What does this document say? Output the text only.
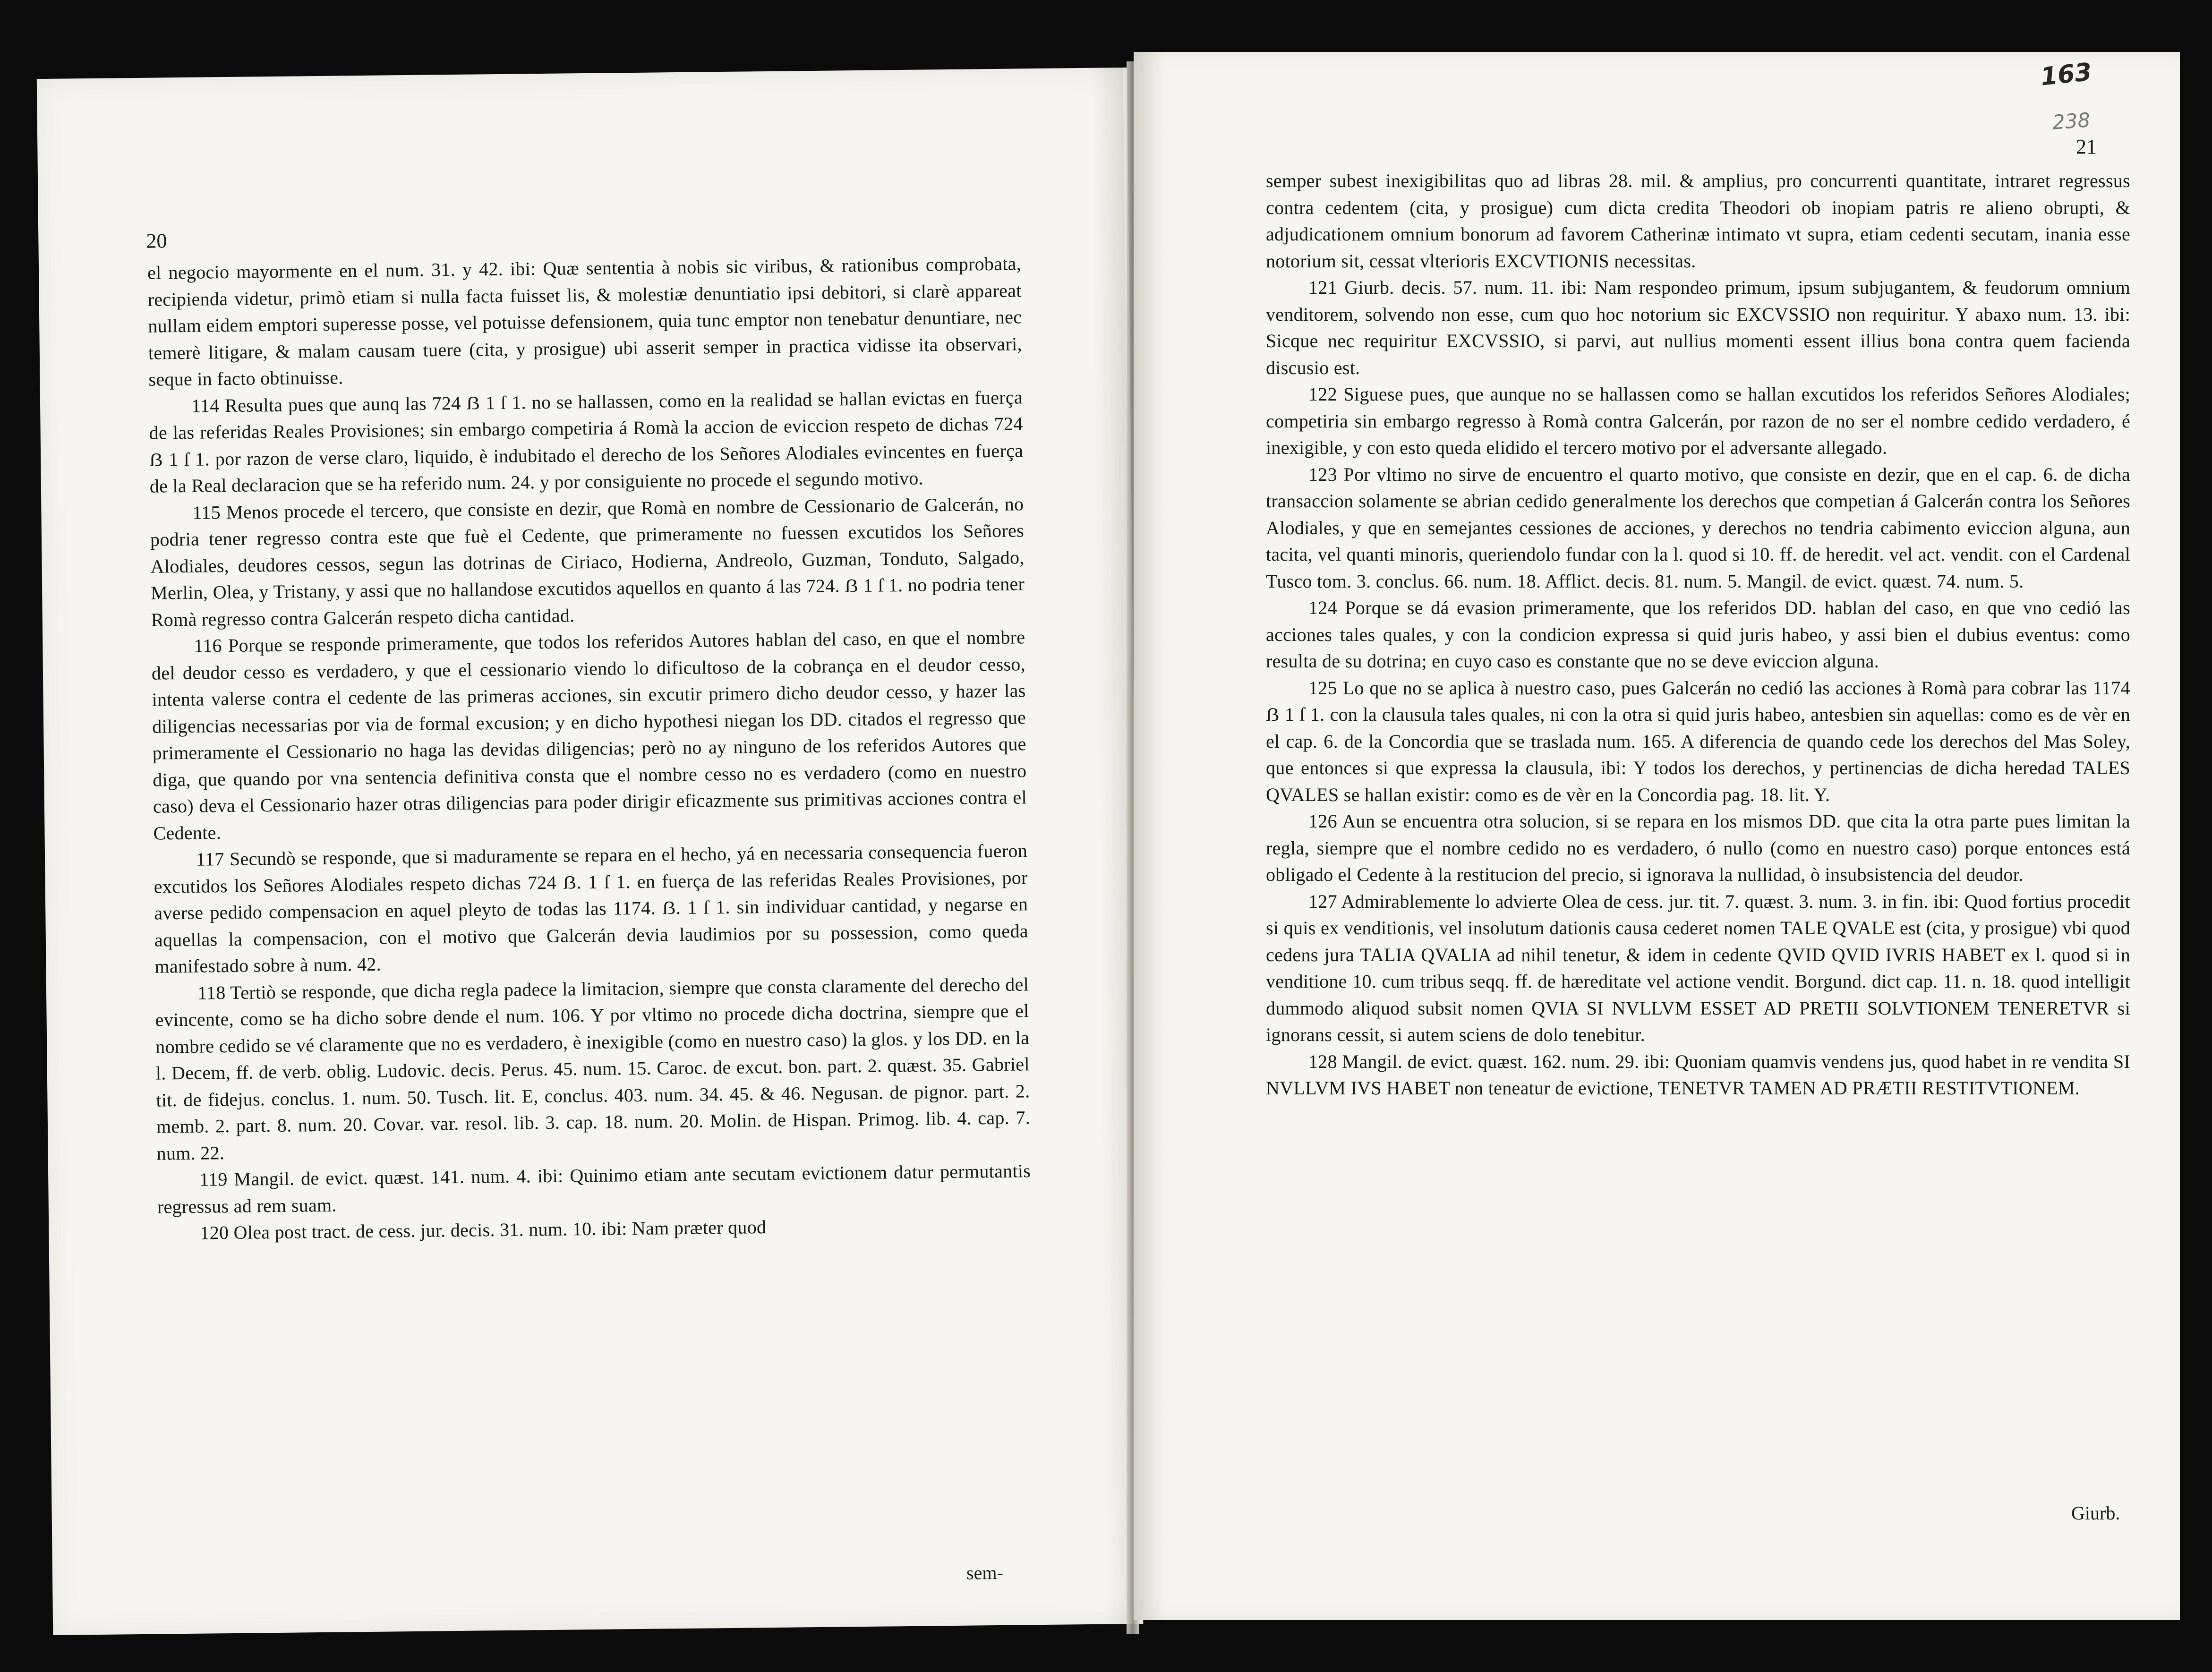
20

el negocio mayormente en el num. 31. y 42. ibi: Quæ sententia à nobis sic viribus, & rationibus comprobata, recipienda videtur, primò etiam si nulla facta fuisset lis, & molestiæ denuntiatio ipsi debitori, si clarè appareat nullam eidem emptori superesse posse, vel potuisse defensionem, quia tunc emptor non tenebatur denuntiare, nec temerè litigare, & malam causam tuere (cita, y prosigue) ubi asserit semper in practica vidisse ita observari, seque in facto obtinuisse.

114 Resulta pues que aunq las 724 ẞ 1 ſ 1. no se hallassen, como en la realidad se hallan evictas en fuerça de las referidas Reales Provisiones; sin embargo competiria á Romà la accion de eviccion respeto de dichas 724 ẞ 1 ſ 1. por razon de verse claro, liquido, è indubitado el derecho de los Señores Alodiales evincentes en fuerça de la Real declaracion que se ha referido num. 24. y por consiguiente no procede el segundo motivo.

115 Menos procede el tercero, que consiste en dezir, que Romà en nombre de Cessionario de Galcerán, no podria tener regresso contra este que fuè el Cedente, que primeramente no fuessen excutidos los Señores Alodiales, deudores cessos, segun las dotrinas de Ciriaco, Hodierna, Andreolo, Guzman, Tonduto, Salgado, Merlin, Olea, y Tristany, y assi que no hallandose excutidos aquellos en quanto á las 724. ẞ 1 ſ 1. no podria tener Romà regresso contra Galcerán respeto dicha cantidad.

116 Porque se responde primeramente, que todos los referidos Autores hablan del caso, en que el nombre del deudor cesso es verdadero, y que el cessionario viendo lo dificultoso de la cobrança en el deudor cesso, intenta valerse contra el cedente de las primeras acciones, sin excutir primero dicho deudor cesso, y hazer las diligencias necessarias por via de formal excusion; y en dicho hypothesi niegan los DD. citados el regresso que primeramente el Cessionario no haga las devidas diligencias; però no ay ninguno de los referidos Autores que diga, que quando por vna sentencia definitiva consta que el nombre cesso no es verdadero (como en nuestro caso) deva el Cessionario hazer otras diligencias para poder dirigir eficazmente sus primitivas acciones contra el Cedente.

117 Secundò se responde, que si maduramente se repara en el hecho, yá en necessaria consequencia fueron excutidos los Señores Alodiales respeto dichas 724 ẞ. 1 ſ 1. en fuerça de las referidas Reales Provisiones, por averse pedido compensacion en aquel pleyto de todas las 1174. ẞ. 1 ſ 1. sin individuar cantidad, y negarse en aquellas la compensacion, con el motivo que Galcerán devia laudimios por su possession, como queda manifestado sobre à num. 42.

118 Tertiò se responde, que dicha regla padece la limitacion, siempre que consta claramente del derecho del evincente, como se ha dicho sobre dende el num. 106. Y por vltimo no procede dicha doctrina, siempre que el nombre cedido se vé claramente que no es verdadero, è inexigible (como en nuestro caso) la glos. y los DD. en la l. Decem, ff. de verb. oblig. Ludovic. decis. Perus. 45. num. 15. Caroc. de excut. bon. part. 2. quæst. 35. Gabriel tit. de fidejus. conclus. 1. num. 50. Tusch. lit. E, conclus. 403. num. 34. 45. & 46. Negusan. de pignor. part. 2. memb. 2. part. 8. num. 20. Covar. var. resol. lib. 3. cap. 18. num. 20. Molin. de Hispan. Primog. lib. 4. cap. 7. num. 22.

119 Mangil. de evict. quæst. 141. num. 4. ibi: Quinimo etiam ante secutam evictionem datur permutantis regressus ad rem suam.

120 Olea post tract. de cess. jur. decis. 31. num. 10. ibi: Nam præter quod

sem-
21

semper subest inexigibilitas quo ad libras 28. mil. & amplius, pro concurrenti quantitate, intraret regressus contra cedentem (cita, y prosigue) cum dicta credita Theodori ob inopiam patris re alieno obrupti, & adjudicationem omnium bonorum ad favorem Catherinæ intimato vt supra, etiam cedenti secutam, inania esse notorium sit, cessat vlterioris EXCVTIONIS necessitas.

121 Giurb. decis. 57. num. 11. ibi: Nam respondeo primum, ipsum subjugantem, & feudorum omnium venditorem, solvendo non esse, cum quo hoc notorium sic EXCVSSIO non requiritur. Y abaxo num. 13. ibi: Sicque nec requiritur EXCVSSIO, si parvi, aut nullius momenti essent illius bona contra quem facienda discusio est.

122 Siguese pues, que aunque no se hallassen como se hallan excutidos los referidos Señores Alodiales; competiria sin embargo regresso à Romà contra Galcerán, por razon de no ser el nombre cedido verdadero, é inexigible, y con esto queda elidido el tercero motivo por el adversante allegado.

123 Por vltimo no sirve de encuentro el quarto motivo, que consiste en dezir, que en el cap. 6. de dicha transaccion solamente se abrian cedido generalmente los derechos que competian á Galcerán contra los Señores Alodiales, y que en semejantes cessiones de acciones, y derechos no tendria cabimento eviccion alguna, aun tacita, vel quanti minoris, queriendolo fundar con la l. quod si 10. ff. de heredit. vel act. vendit. con el Cardenal Tusco tom. 3. conclus. 66. num. 18. Afflict. decis. 81. num. 5. Mangil. de evict. quæst. 74. num. 5.

124 Porque se dá evasion primeramente, que los referidos DD. hablan del caso, en que vno cedió las acciones tales quales, y con la condicion expressa si quid juris habeo, y assi bien el dubius eventus: como resulta de su dotrina; en cuyo caso es constante que no se deve eviccion alguna.

125 Lo que no se aplica à nuestro caso, pues Galcerán no cedió las acciones à Romà para cobrar las 1174 ẞ 1 ſ 1. con la clausula tales quales, ni con la otra si quid juris habeo, antesbien sin aquellas: como es de vèr en el cap. 6. de la Concordia que se traslada num. 165. A diferencia de quando cede los derechos del Mas Soley, que entonces si que expressa la clausula, ibi: Y todos los derechos, y pertinencias de dicha heredad TALES QVALES se hallan existir: como es de vèr en la Concordia pag. 18. lit. Y.

126 Aun se encuentra otra solucion, si se repara en los mismos DD. que cita la otra parte pues limitan la regla, siempre que el nombre cedido no es verdadero, ó nullo (como en nuestro caso) porque entonces está obligado el Cedente à la restitucion del precio, si ignorava la nullidad, ò insubsistencia del deudor.

127 Admirablemente lo advierte Olea de cess. jur. tit. 7. quæst. 3. num. 3. in fin. ibi: Quod fortius procedit si quis ex venditionis, vel insolutum dationis causa cederet nomen TALE QVALE est (cita, y prosigue) vbi quod cedens jura TALIA QVALIA ad nihil tenetur, & idem in cedente QVID QVID IVRIS HABET ex l. quod si in venditione 10. cum tribus seqq. ff. de hæreditate vel actione vendit. Borgund. dict cap. 11. n. 18. quod intelligit dummodo aliquod subsit nomen QVIA SI NVLLVM ESSET AD PRETII SOLVTIONEM TENERETVR si ignorans cessit, si autem sciens de dolo tenebitur.

128 Mangil. de evict. quæst. 162. num. 29. ibi: Quoniam quamvis vendens jus, quod habet in re vendita SI NVLLVM IVS HABET non teneatur de evictione, TENETVR TAMEN AD PRÆTII RESTITVTIONEM.

Giurb.
163
238
